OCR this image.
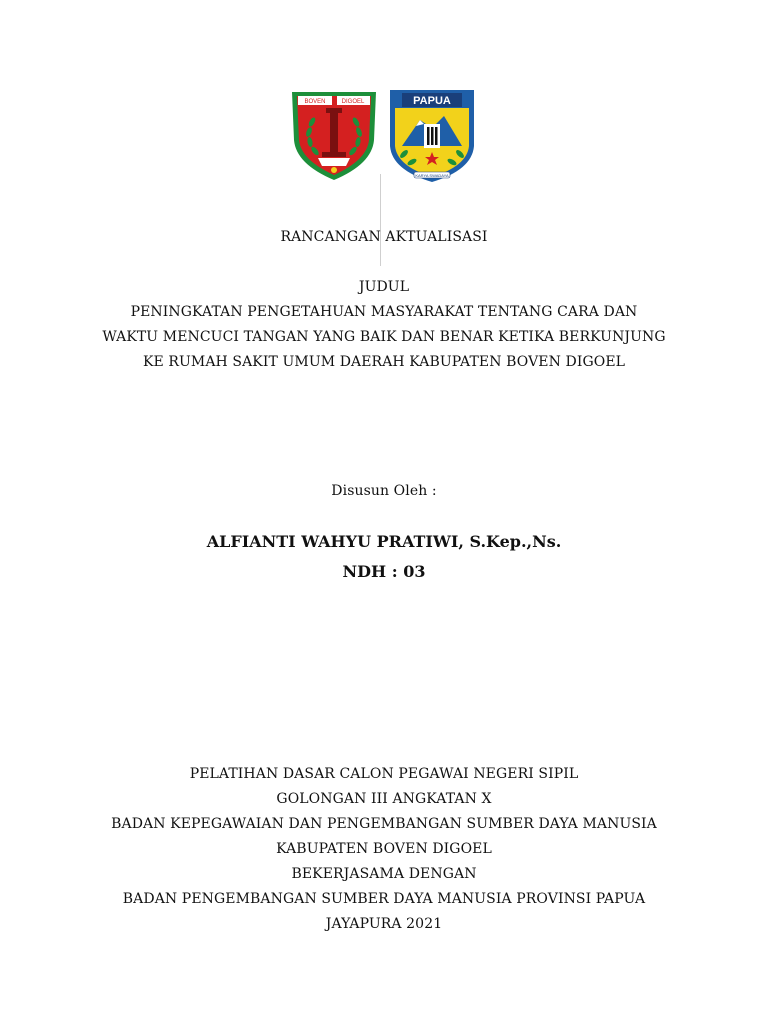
BOVEN	DIGOEL	PAPUA
KARYA SWADAYA
RANCANGAN AKTUALISASI
JUDUL
PENINGKATAN PENGETAHUAN MASYARAKAT TENTANG CARA DAN
WAKTU MENCUCI TANGAN YANG BAIK DAN BENAR KETIKA BERKUNJUNG
KE RUMAH SAKIT UMUM DAERAH KABUPATEN BOVEN DIGOEL
Disusun Oleh :
ALFIANTI WAHYU PRATIWI, S.Kep.,Ns.
NDH : 03
PELATIHAN DASAR CALON PEGAWAI NEGERI SIPIL
GOLONGAN III ANGKATAN X
BADAN KEPEGAWAIAN DAN PENGEMBANGAN SUMBER DAYA MANUSIA
KABUPATEN BOVEN DIGOEL
BEKERJASAMA DENGAN
BADAN PENGEMBANGAN SUMBER DAYA MANUSIA PROVINSI PAPUA
JAYAPURA 2021
